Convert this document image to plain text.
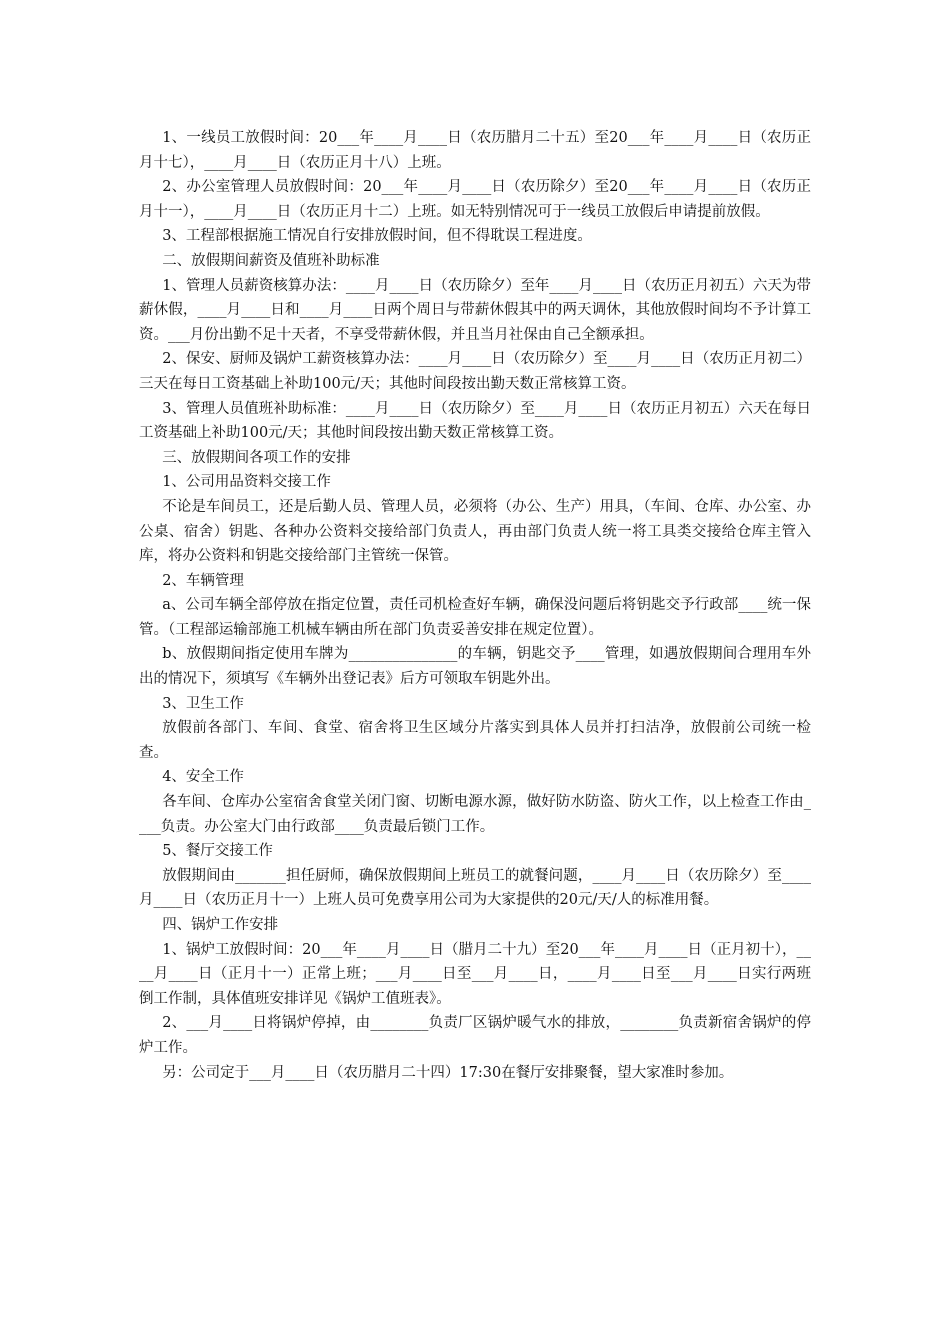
1、一线员工放假时间：20___年____月____日（农历腊月二十五）至20___年____月____日（农历正月十七），____月____日（农历正月十八）上班。

2、办公室管理人员放假时间：20___年____月____日（农历除夕）至20___年____月____日（农历正月十一），____月____日（农历正月十二）上班。如无特别情况可于一线员工放假后申请提前放假。

3、工程部根据施工情况自行安排放假时间，但不得耽误工程进度。

二、放假期间薪资及值班补助标准

1、管理人员薪资核算办法：____月____日（农历除夕）至年____月____日（农历正月初五）六天为带薪休假，____月____日和____月____日两个周日与带薪休假其中的两天调休，其他放假时间均不予计算工资。___月份出勤不足十天者，不享受带薪休假，并且当月社保由自己全额承担。

2、保安、厨师及锅炉工薪资核算办法：____月____日（农历除夕）至____月____日（农历正月初二）三天在每日工资基础上补助100元/天；其他时间段按出勤天数正常核算工资。

3、管理人员值班补助标准：____月____日（农历除夕）至____月____日（农历正月初五）六天在每日工资基础上补助100元/天；其他时间段按出勤天数正常核算工资。

三、放假期间各项工作的安排

1、公司用品资料交接工作

不论是车间员工，还是后勤人员、管理人员，必须将（办公、生产）用具，（车间、仓库、办公室、办公桌、宿舍）钥匙、各种办公资料交接给部门负责人，再由部门负责人统一将工具类交接给仓库主管入库，将办公资料和钥匙交接给部门主管统一保管。

2、车辆管理

a、公司车辆全部停放在指定位置，责任司机检查好车辆，确保没问题后将钥匙交予行政部____统一保管。（工程部运输部施工机械车辆由所在部门负责妥善安排在规定位置）。

b、放假期间指定使用车牌为_______________的车辆，钥匙交予____管理，如遇放假期间合理用车外出的情况下，须填写《车辆外出登记表》后方可领取车钥匙外出。

3、卫生工作

放假前各部门、车间、食堂、宿舍将卫生区域分片落实到具体人员并打扫洁净，放假前公司统一检查。

4、安全工作

各车间、仓库办公室宿舍食堂关闭门窗、切断电源水源，做好防水防盗、防火工作，以上检查工作由____负责。办公室大门由行政部____负责最后锁门工作。

5、餐厅交接工作

放假期间由_______担任厨师，确保放假期间上班员工的就餐问题，____月____日（农历除夕）至____月____日（农历正月十一）上班人员可免费享用公司为大家提供的20元/天/人的标准用餐。

四、锅炉工作安排

1、锅炉工放假时间：20___年____月____日（腊月二十九）至20___年____月____日（正月初十），____月____日（正月十一）正常上班；___月____日至___月____日，____月____日至___月____日实行两班倒工作制，具体值班安排详见《锅炉工值班表》。

2、___月____日将锅炉停掉，由________负责厂区锅炉暖气水的排放，________负责新宿舍锅炉的停炉工作。

另：公司定于___月____日（农历腊月二十四）17:30在餐厅安排聚餐，望大家准时参加。
